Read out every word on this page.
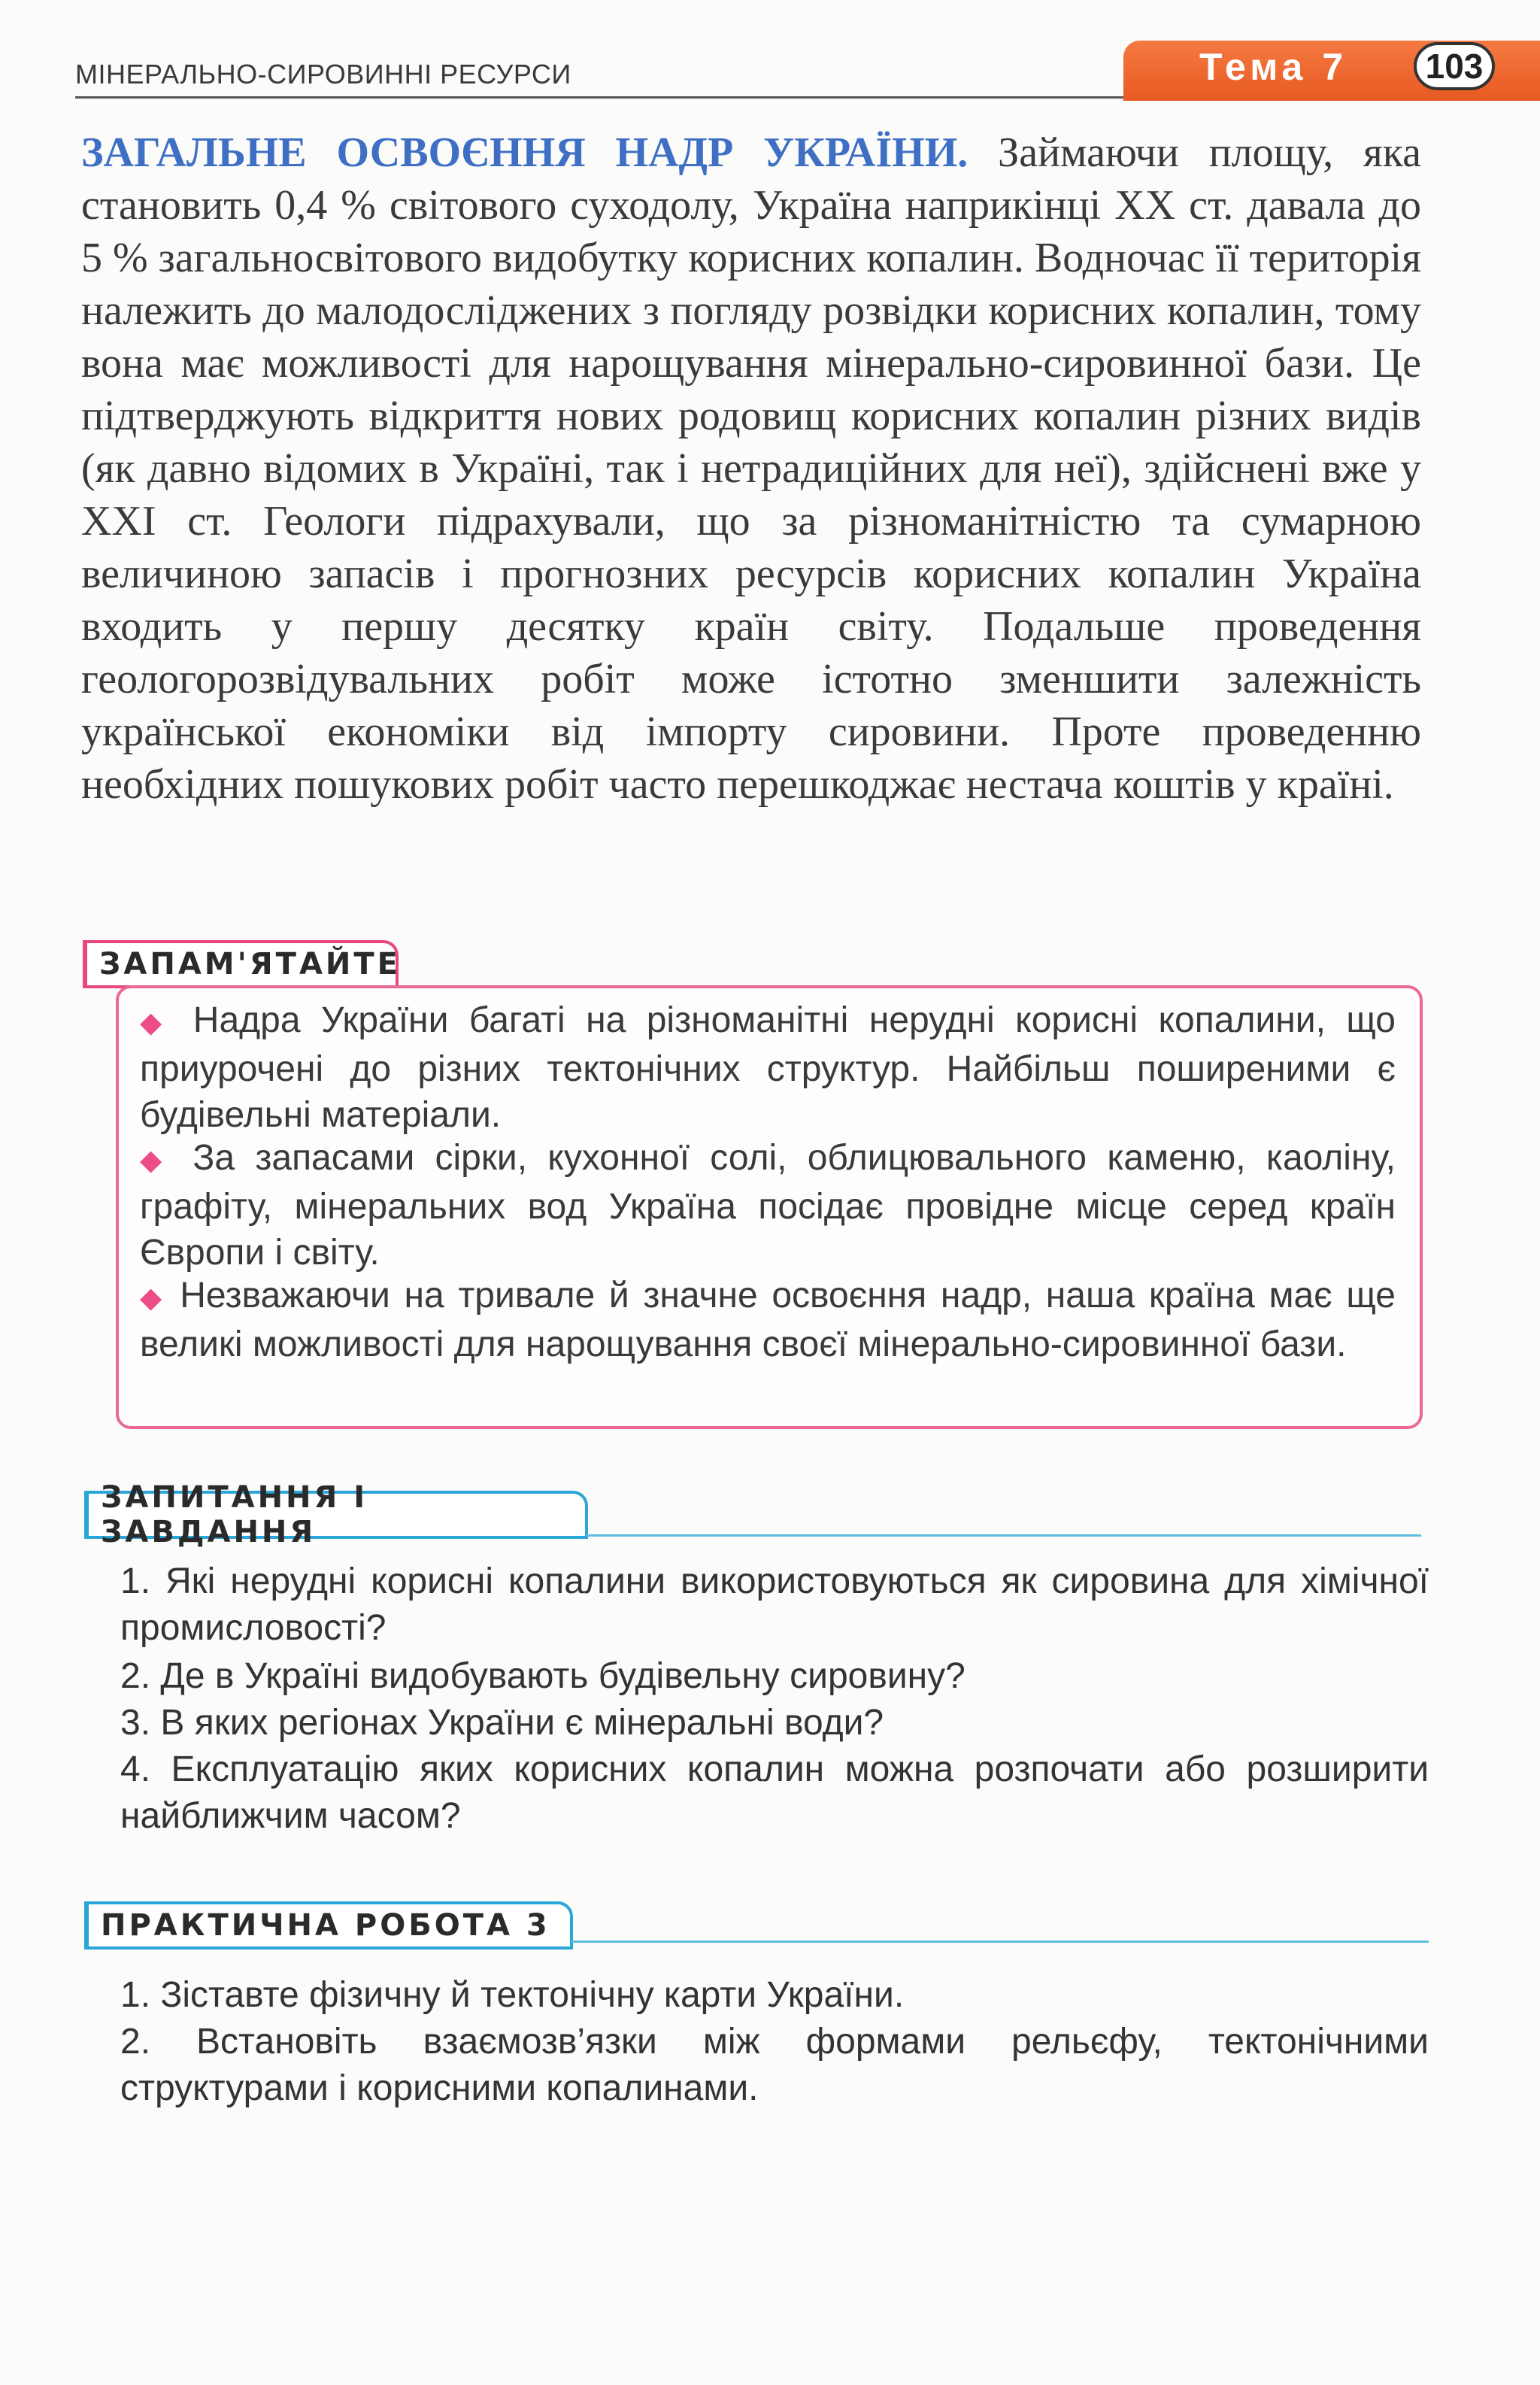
МІНЕРАЛЬНО-СИРОВИННІ РЕСУРСИ	Тема 7	103

ЗАГАЛЬНЕ ОСВОЄННЯ НАДР УКРАЇНИ. Займаючи площу, яка становить 0,4 % світового суходолу, Україна наприкінці XX ст. давала до 5 % загальносвітового видобутку корисних копалин. Водночас її територія належить до малодосліджених з погляду розвідки корисних копалин, тому вона має можливості для нарощування мінерально-сировинної бази. Це підтверджують відкриття нових родовищ корисних копалин різних видів (як давно відомих в Україні, так і нетрадиційних для неї), здійснені вже у XXI ст. Геологи підрахували, що за різноманітністю та сумарною величиною запасів і прогнозних ресурсів корисних копалин Україна входить у першу десятку країн світу. Подальше проведення геологорозвідувальних робіт може істотно зменшити залежність української економіки від імпорту сировини. Проте проведенню необхідних пошукових робіт часто перешкоджає нестача коштів у країні.

ЗАПАМ'ЯТАЙТЕ

◆ Надра України багаті на різноманітні нерудні корисні копалини, що приурочені до різних тектонічних структур. Найбільш поширеними є будівельні матеріали.

◆ За запасами сірки, кухонної солі, облицювального каменю, каоліну, графіту, мінеральних вод Україна посідає провідне місце серед країн Європи і світу.

◆ Незважаючи на тривале й значне освоєння надр, наша країна має ще великі можливості для нарощування своєї мінерально-сировинної бази.

ЗАПИТАННЯ І ЗАВДАННЯ

1. Які нерудні корисні копалини використовуються як сировина для хімічної промисловості?

2. Де в Україні видобувають будівельну сировину?

3. В яких регіонах України є мінеральні води?

4. Експлуатацію яких корисних копалин можна розпочати або розширити найближчим часом?

ПРАКТИЧНА РОБОТА 3

1. Зіставте фізичну й тектонічну карти України.

2. Встановіть взаємозв’язки між формами рельєфу, тектонічними структурами і корисними копалинами.
